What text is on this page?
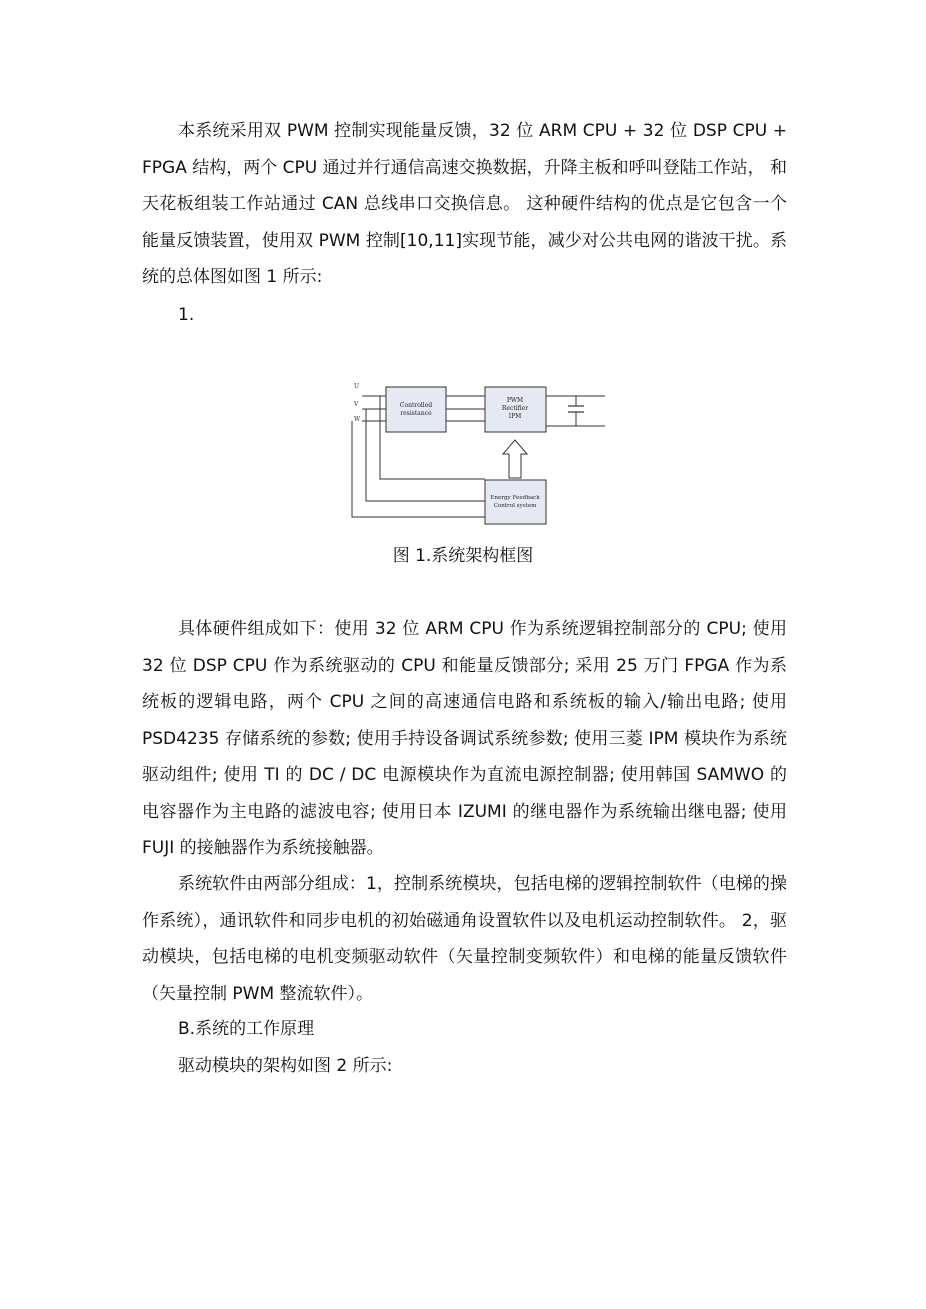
本系统采用双 PWM 控制实现能量反馈，32 位 ARM CPU + 32 位 DSP CPU + FPGA 结构，两个 CPU 通过并行通信高速交换数据，升降主板和呼叫登陆工作站， 和天花板组装工作站通过 CAN 总线串口交换信息。 这种硬件结构的优点是它包含一个能量反馈装置，使用双 PWM 控制[10,11]实现节能，减少对公共电网的谐波干扰。系统的总体图如图 1 所示:

1.

U
V
W
Controlled
resistance
PWM
Rectifier
IPM
Energy Feedback
Control system

图 1.系统架构框图

具体硬件组成如下：使用 32 位 ARM CPU 作为系统逻辑控制部分的 CPU; 使用 32 位 DSP CPU 作为系统驱动的 CPU 和能量反馈部分; 采用 25 万门 FPGA 作为系统板的逻辑电路，两个 CPU 之间的高速通信电路和系统板的输入/输出电路; 使用 PSD4235 存储系统的参数; 使用手持设备调试系统参数; 使用三菱 IPM 模块作为系统驱动组件; 使用 TI 的 DC / DC 电源模块作为直流电源控制器; 使用韩国 SAMWO 的电容器作为主电路的滤波电容; 使用日本 IZUMI 的继电器作为系统输出继电器; 使用 FUJI 的接触器作为系统接触器。

系统软件由两部分组成：1，控制系统模块，包括电梯的逻辑控制软件（电梯的操作系统），通讯软件和同步电机的初始磁通角设置软件以及电机运动控制软件。 2，驱动模块，包括电梯的电机变频驱动软件（矢量控制变频软件）和电梯的能量反馈软件（矢量控制 PWM 整流软件）。

B.系统的工作原理

驱动模块的架构如图 2 所示:
